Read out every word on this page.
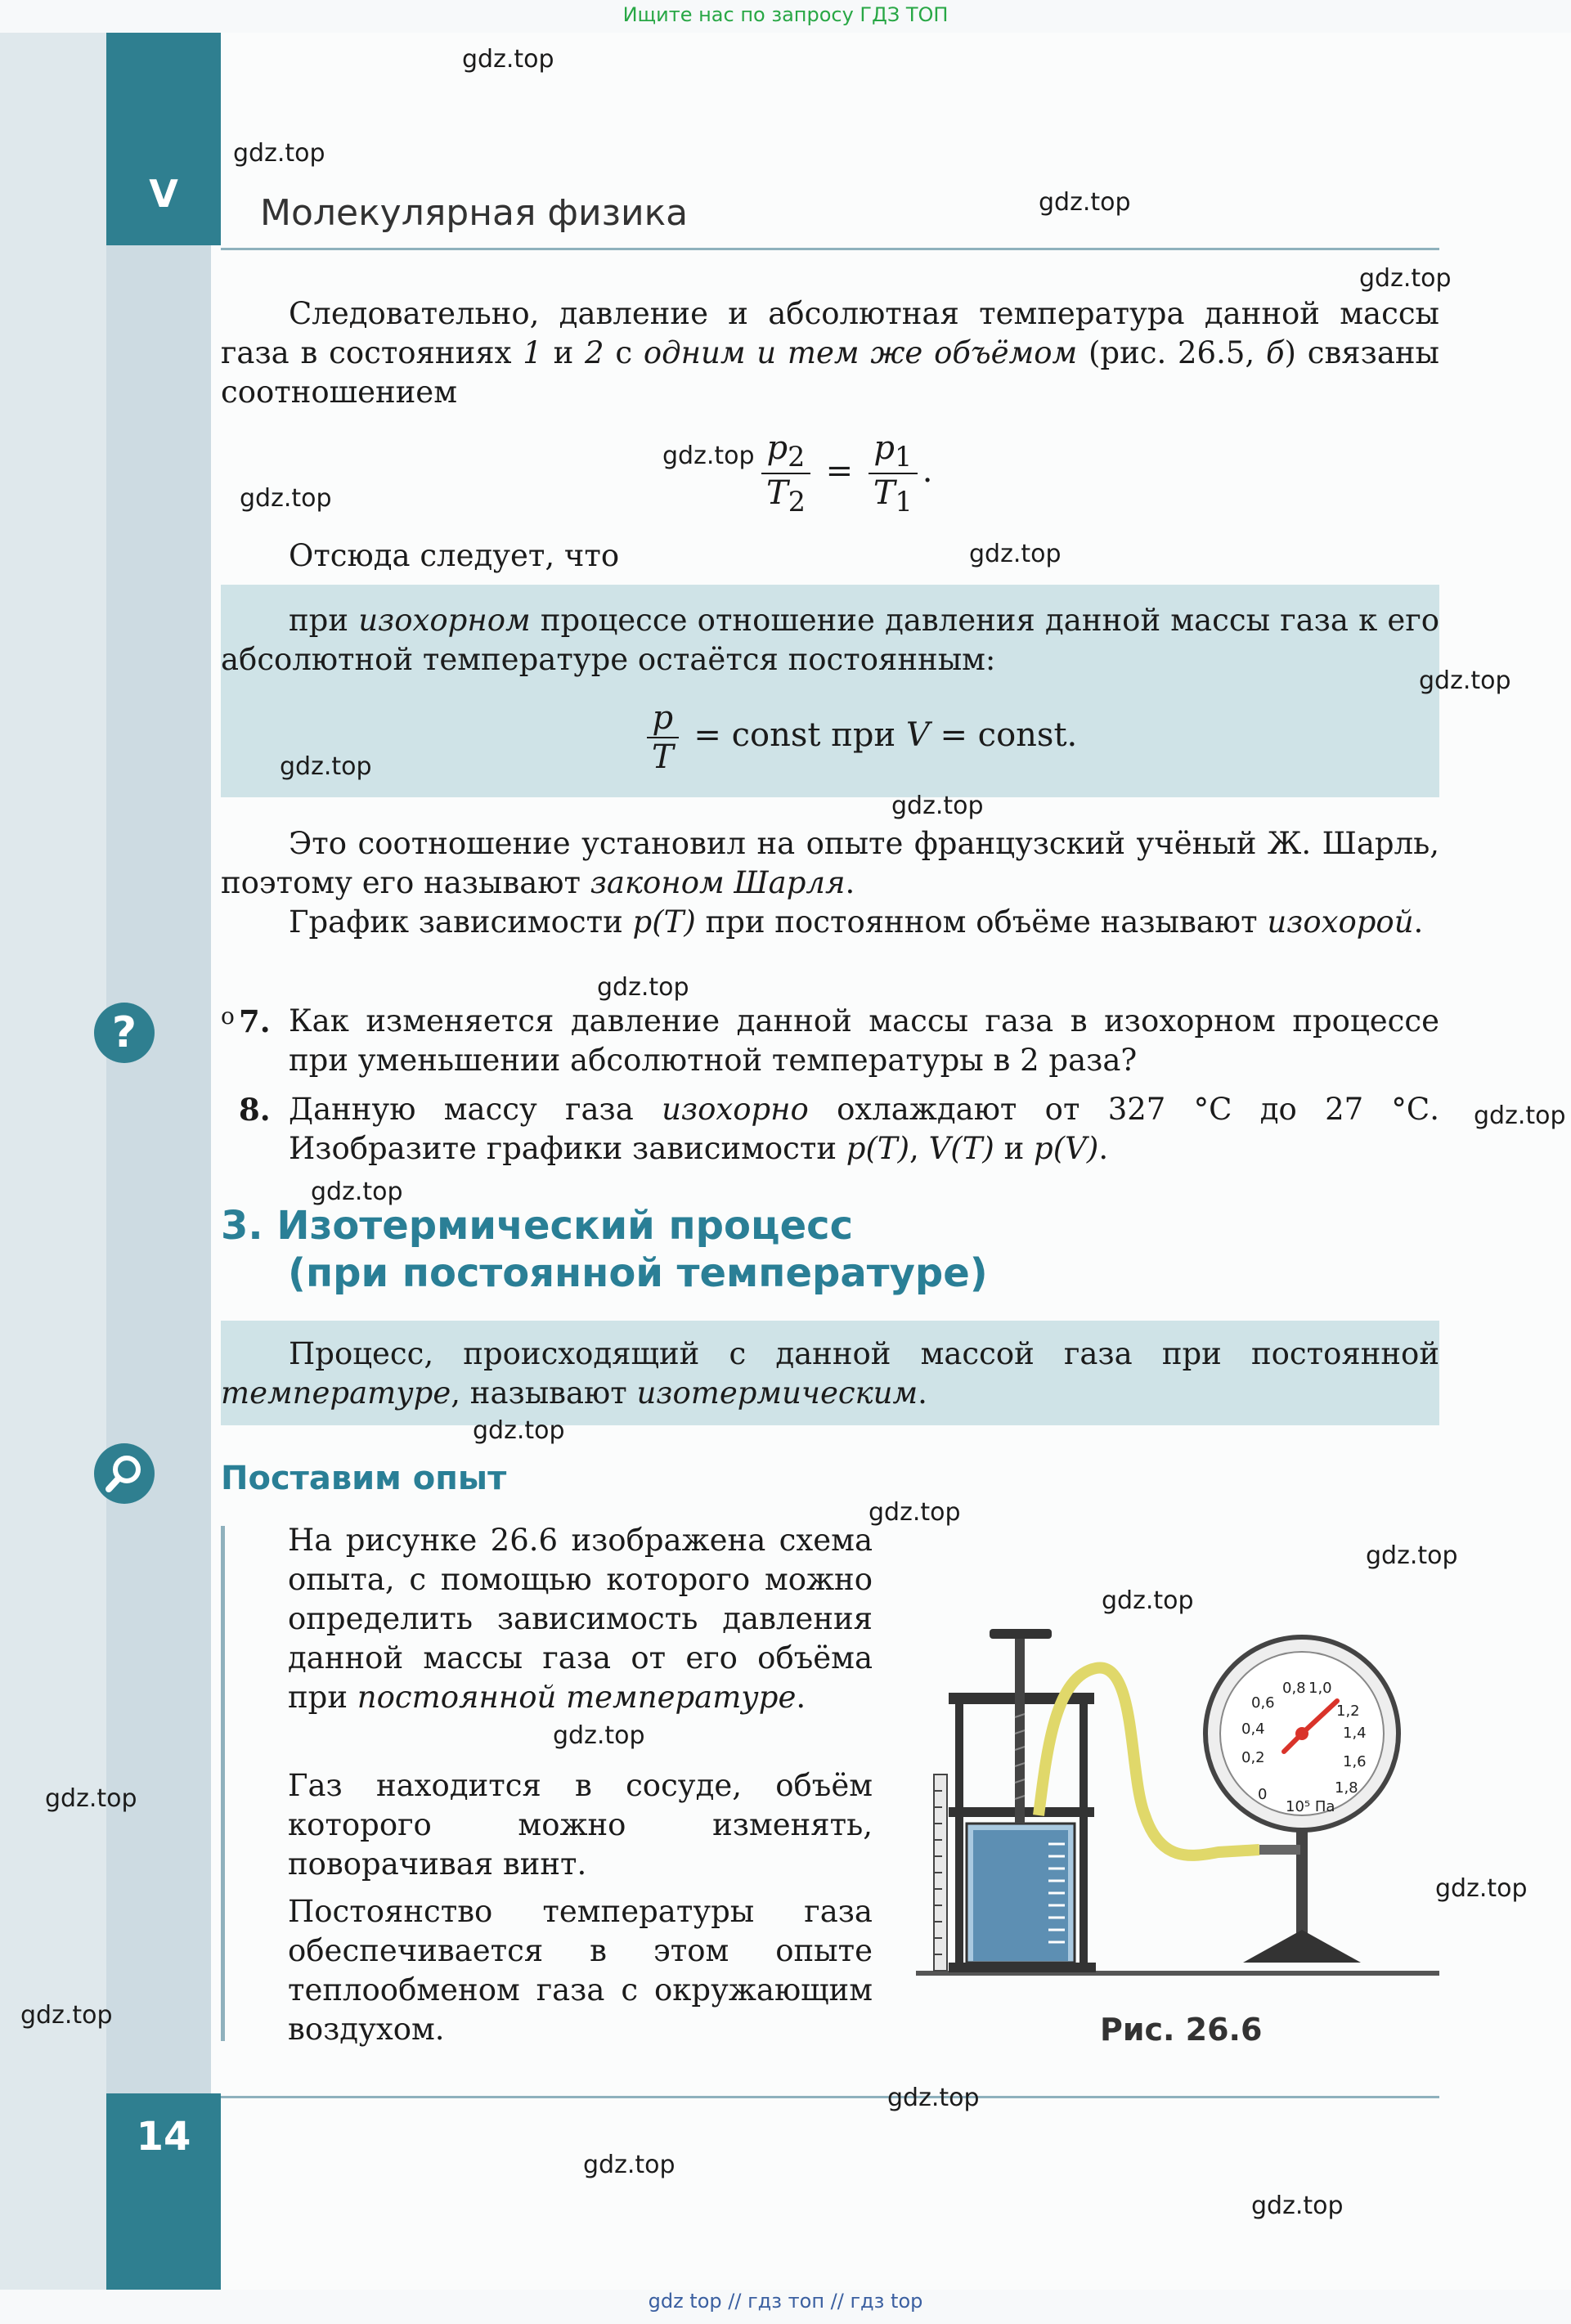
Ищите нас по запросу ГДЗ ТОП
V	Молекулярная физика
Следовательно, давление и абсолютная температура данной массы газа в состояниях 1 и 2 с одним и тем же объёмом (рис. 26.5, б) связаны соотношением
$\frac{p_2}{T_2} = \frac{p_1}{T_1}$ .
Отсюда следует, что
при изохорном процессе отношение давления данной массы газа к его абсолютной температуре остаётся постоянным:
$\frac{p}{T}$ = const при V = const.
Это соотношение установил на опыте французский учёный Ж. Шарль, поэтому его называют законом Шарля.
График зависимости p(T) при постоянном объёме называют изохорой.
?	о 7. Как изменяется давление данной массы газа в изохорном процессе при уменьшении абсолютной температуры в 2 раза?
8. Данную массу газа изохорно охлаждают от 327 °С до 27 °С. Изобразите графики зависимости p(T), V(T) и p(V).
3. Изотермический процесс
(при постоянной температуре)
Процесс, происходящий с данной массой газа при постоянной температуре, называют изотермическим.
Поставим опыт
На рисунке 26.6 изображена схема опыта, с помощью которого можно определить зависимость давления данной массы газа от его объёма при постоянной температуре.
Газ находится в сосуде, объём которого можно изменять, поворачивая винт.
Постоянство температуры газа обеспечивается в этом опыте теплообменом газа с окружающим воздухом.
0
0,2
0,4
0,6
0,8 1,0
1,2
1,4
1,6
1,8
10⁵ Па
Рис. 26.6
14
gdz top // гдз топ // гдз top
gdz.top
gdz.top
gdz.top
gdz.top
gdz.top
gdz.top
gdz.top
gdz.top
gdz.top
gdz.top
gdz.top
gdz.top
gdz.top
gdz.top
gdz.top
gdz.top
gdz.top
gdz.top
gdz.top
gdz.top
gdz.top
gdz.top
gdz.top
gdz.top
